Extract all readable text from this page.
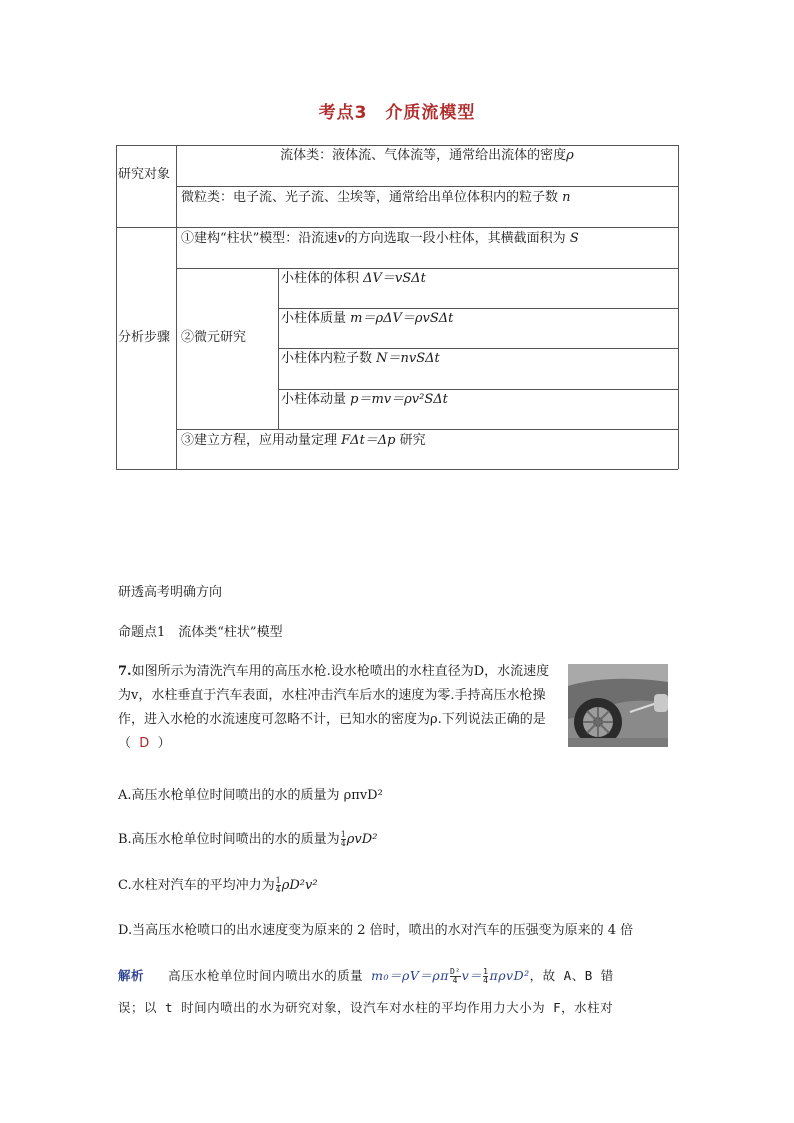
考点3 介质流模型
研究对象
流体类：液体流、气体流等，通常给出流体的密度ρ
微粒类：电子流、光子流、尘埃等，通常给出单位体积内的粒子数 n
分析步骤
①建构“柱状”模型：沿流速v的方向选取一段小柱体，其横截面积为 S
②微元研究
小柱体的体积 ΔV＝vSΔt
小柱体质量 m＝ρΔV＝ρvSΔt
小柱体内粒子数 N＝nvSΔt
小柱体动量 p＝mv＝ρv²SΔt
③建立方程，应用动量定理 FΔt＝Δp 研究
研透高考明确方向
命题点1　流体类“柱状”模型
7.如图所示为清洗汽车用的高压水枪.设水枪喷出的水柱直径为D，水流速度为v，水柱垂直于汽车表面，水柱冲击汽车后水的速度为零.手持高压水枪操作，进入水枪的水流速度可忽略不计，已知水的密度为ρ.下列说法正确的是（ D ）
A.高压水枪单位时间喷出的水的质量为 ρπvD²
B.高压水枪单位时间喷出的水的质量为 $\frac{1}{4} \rho vD^2$
C.水柱对汽车的平均冲力为 $\frac{1}{4} \rho D^2v^2$
D.当高压水枪喷口的出水速度变为原来的 2 倍时，喷出的水对汽车的压强变为原来的 4 倍
解析 高压水枪单位时间内喷出水的质量 $m_0=\rho V=\rho\pi \frac{\text{D²}}{4} v= \frac{1}{4} \pi\rho vD^2$，故 A、B 错
误；以 t 时间内喷出的水为研究对象，设汽车对水柱的平均作用力大小为 F，水柱对
